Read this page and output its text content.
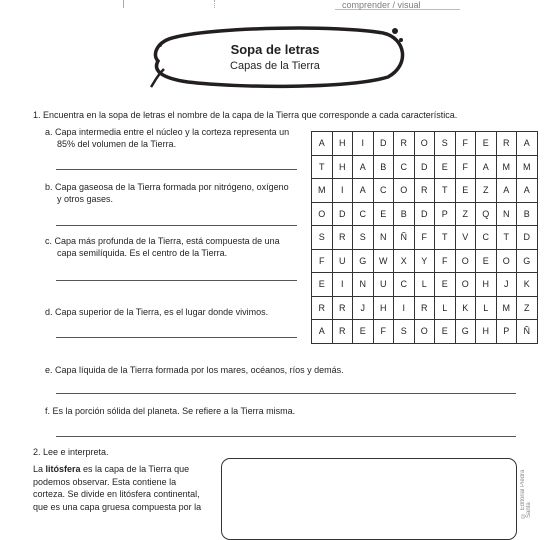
comprender / visual
Sopa de letras
Capas de la Tierra
1. Encuentra en la sopa de letras el nombre de la capa de la Tierra que corresponde a cada característica.
a. Capa intermedia entre el núcleo y la corteza representa un
85% del volumen de la Tierra.
b. Capa gaseosa de la Tierra formada por nitrógeno, oxígeno
y otros gases.
c. Capa más profunda de la Tierra, está compuesta de una
capa semilíquida. Es el centro de la Tierra.
d. Capa superior de la Tierra, es el lugar donde vivimos.
e. Capa líquida de la Tierra formada por los mares, océanos, ríos y demás.
f. Es la porción sólida del planeta. Se refiere a la Tierra misma.
A	H	I	D	R	O	S	F	E	R	A
T	H	A	B	C	D	E	F	A	M	M
M	I	A	C	O	R	T	E	Z	A	A
O	D	C	E	B	D	P	Z	Q	N	B
S	R	S	N	Ñ	F	T	V	C	T	D
F	U	G	W	X	Y	F	O	E	O	G
E	I	N	U	C	L	E	O	H	J	K
R	R	J	H	I	R	L	K	L	M	Z
A	R	E	F	S	O	E	G	H	P	Ñ
2. Lee e interpreta.
La litósfera es la capa de la Tierra que
podemos observar. Esta contiene la
corteza. Se divide en litósfera continental,
que es una capa gruesa compuesta por la	© Editorial Piedra Santa
